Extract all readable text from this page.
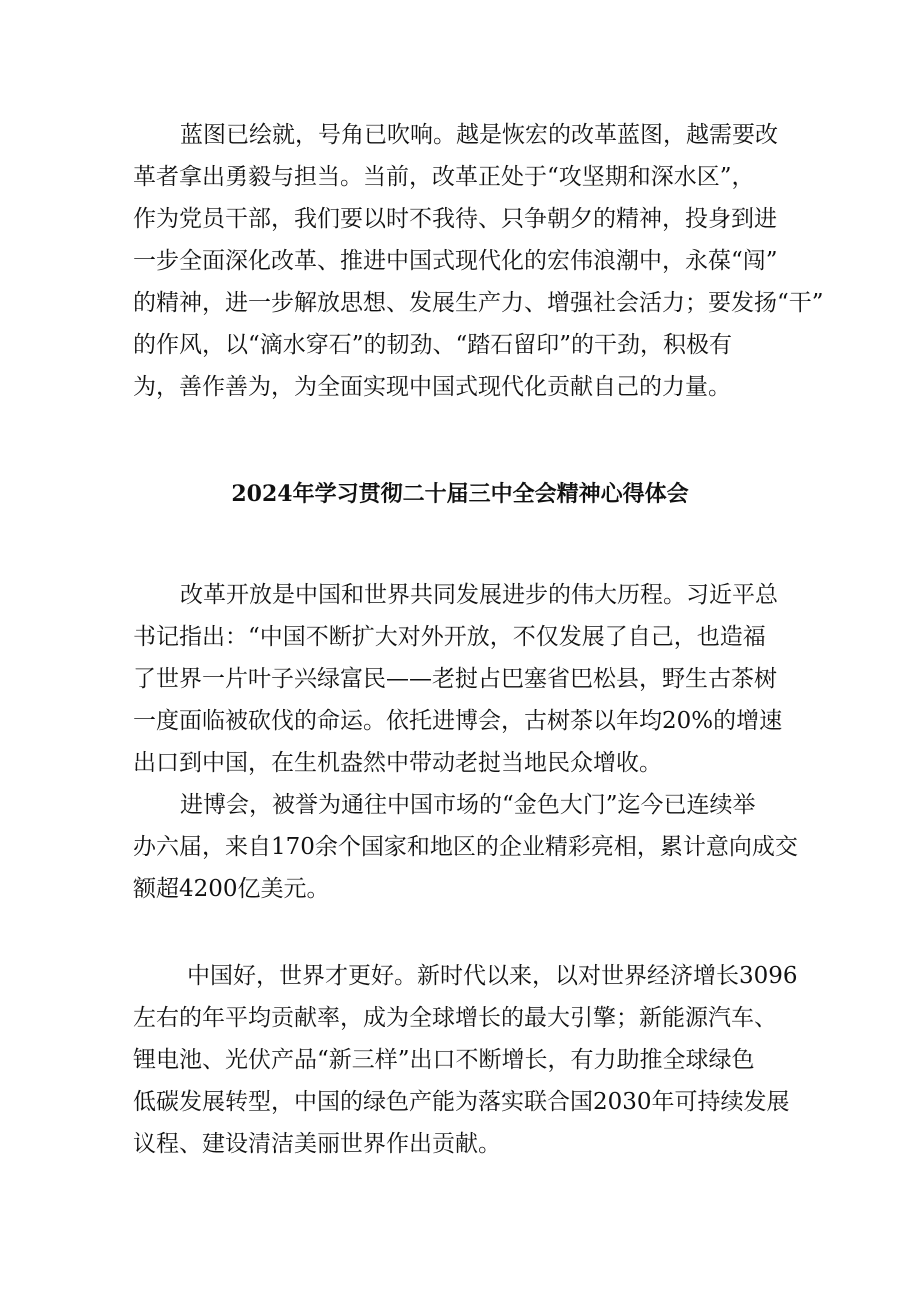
蓝图已绘就，号角已吹响。越是恢宏的改革蓝图，越需要改
革者拿出勇毅与担当。当前，改革正处于“攻坚期和深水区”，
作为党员干部，我们要以时不我待、只争朝夕的精神，投身到进
一步全面深化改革、推进中国式现代化的宏伟浪潮中，永葆“闯”
的精神，进一步解放思想、发展生产力、增强社会活力；要发扬“干”
的作风，以“滴水穿石”的韧劲、“踏石留印”的干劲，积极有
为，善作善为，为全面实现中国式现代化贡献自己的力量。
2024年学习贯彻二十届三中全会精神心得体会
改革开放是中国和世界共同发展进步的伟大历程。习近平总
书记指出：“中国不断扩大对外开放，不仅发展了自己，也造福
了世界一片叶子兴绿富民——老挝占巴塞省巴松县，野生古茶树
一度面临被砍伐的命运。依托进博会，古树茶以年均20%的增速
出口到中国，在生机盎然中带动老挝当地民众增收。
进博会，被誉为通往中国市场的“金色大门”迄今已连续举
办六届，来自170余个国家和地区的企业精彩亮相，累计意向成交
额超4200亿美元。
中国好，世界才更好。新时代以来，以对世界经济增长3096
左右的年平均贡献率，成为全球增长的最大引擎；新能源汽车、
锂电池、光伏产品“新三样”出口不断增长，有力助推全球绿色
低碳发展转型，中国的绿色产能为落实联合国2030年可持续发展
议程、建设清洁美丽世界作出贡献。
